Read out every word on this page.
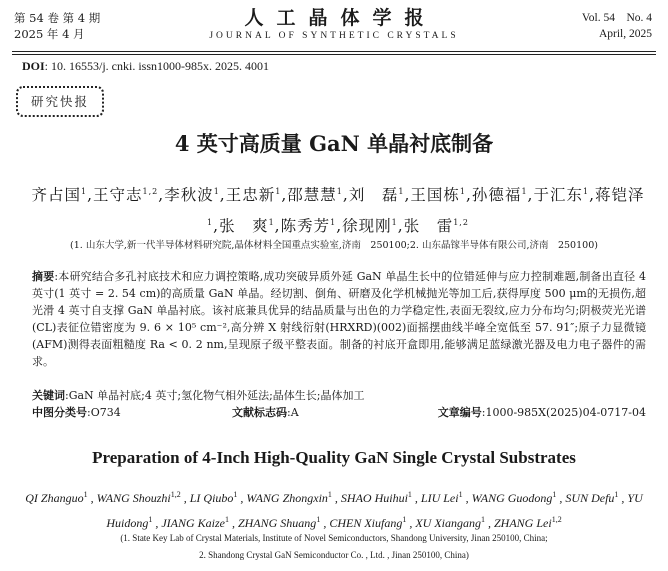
第 54 卷 第 4 期
2025 年 4 月
人工晶体学报
JOURNAL OF SYNTHETIC CRYSTALS
Vol. 54    No. 4
April, 2025
DOI: 10. 16553/j. cnki. issn1000-985x. 2025. 4001
研究快报
4 英寸高质量 GaN 单晶衬底制备
齐占国$^1$,王守志$^{1,2}$,李秋波$^1$,王忠新$^1$,邵慧慧$^1$,刘　磊$^1$,王国栋$^1$,孙德福$^1$,于汇东$^1$,蒋铠泽$^1$,张　爽$^1$,陈秀芳$^1$,徐现刚$^1$,张　雷$^{1,2}$
(1. 山东大学,新一代半导体材料研究院,晶体材料全国重点实验室,济南　250100;2. 山东晶镓半导体有限公司,济南　250100)
摘要:本研究结合多孔衬底技术和应力调控策略,成功突破异质外延 GaN 单晶生长中的位错延伸与应力控制难题,制备出直径 4 英寸(1 英寸 = 2. 54 cm)的高质量 GaN 单晶。经切割、倒角、研磨及化学机械抛光等加工后,获得厚度 500 μm的无损伤,超光滑 4 英寸自支撑 GaN 单晶衬底。该衬底兼具优异的结晶质量与出色的力学稳定性,表面无裂纹,应力分布均匀;阴极荧光光谱(CL)表征位错密度为 9. 6 × 10⁵ cm⁻²,高分辨 X 射线衍射(HRXRD)(002)面摇摆曲线半峰全宽低至 57. 91″;原子力显微镜(AFM)测得表面粗糙度 Ra < 0. 2 nm,呈现原子级平整表面。制备的衬底开盒即用,能够满足蓝绿激光器及电力电子器件的需求。
关键词:GaN 单晶衬底;4 英寸;氢化物气相外延法;晶体生长;晶体加工
中图分类号:O734	文献标志码:A	文章编号:1000-985X(2025)04-0717-04
Preparation of 4-Inch High-Quality GaN Single Crystal Substrates
QI Zhanguo$^1$ , WANG Shouzhi$^{1,2}$ , LI Qiubo$^1$ , WANG Zhongxin$^1$ , SHAO Huihui$^1$ , LIU Lei$^1$ , WANG Guodong$^1$ , SUN Defu$^1$ , YU Huidong$^1$ , JIANG Kaize$^1$ , ZHANG Shuang$^1$ , CHEN Xiufang$^1$ , XU Xiangang$^1$ , ZHANG Lei$^{1,2}$
(1. State Key Lab of Crystal Materials, Institute of Novel Semiconductors, Shandong University, Jinan 250100, China;
2. Shandong Crystal GaN Semiconductor Co. , Ltd. , Jinan 250100, China)
